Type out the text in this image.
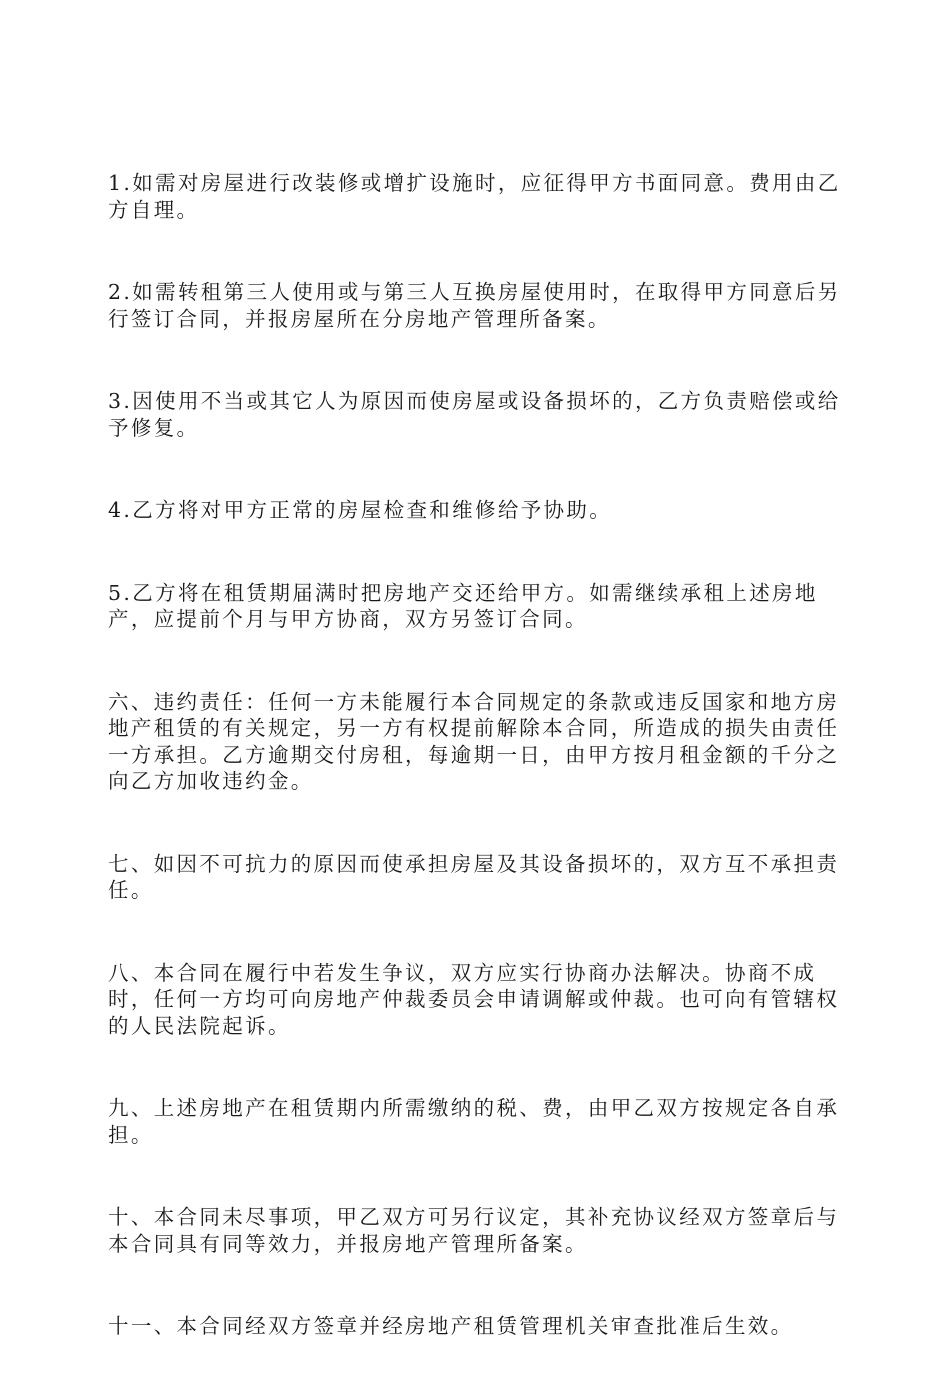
1.如需对房屋进行改装修或增扩设施时，应征得甲方书面同意。费用由乙方自理。

2.如需转租第三人使用或与第三人互换房屋使用时，在取得甲方同意后另行签订合同，并报房屋所在分房地产管理所备案。

3.因使用不当或其它人为原因而使房屋或设备损坏的，乙方负责赔偿或给予修复。

4.乙方将对甲方正常的房屋检查和维修给予协助。

5.乙方将在租赁期届满时把房地产交还给甲方。如需继续承租上述房地产，应提前个月与甲方协商，双方另签订合同。

六、违约责任：任何一方未能履行本合同规定的条款或违反国家和地方房地产租赁的有关规定，另一方有权提前解除本合同，所造成的损失由责任一方承担。乙方逾期交付房租，每逾期一日，由甲方按月租金额的千分之向乙方加收违约金。

七、如因不可抗力的原因而使承担房屋及其设备损坏的，双方互不承担责任。

八、本合同在履行中若发生争议，双方应实行协商办法解决。协商不成时，任何一方均可向房地产仲裁委员会申请调解或仲裁。也可向有管辖权的人民法院起诉。

九、上述房地产在租赁期内所需缴纳的税、费，由甲乙双方按规定各自承担。

十、本合同未尽事项，甲乙双方可另行议定，其补充协议经双方签章后与本合同具有同等效力，并报房地产管理所备案。

十一、本合同经双方签章并经房地产租赁管理机关审查批准后生效。
